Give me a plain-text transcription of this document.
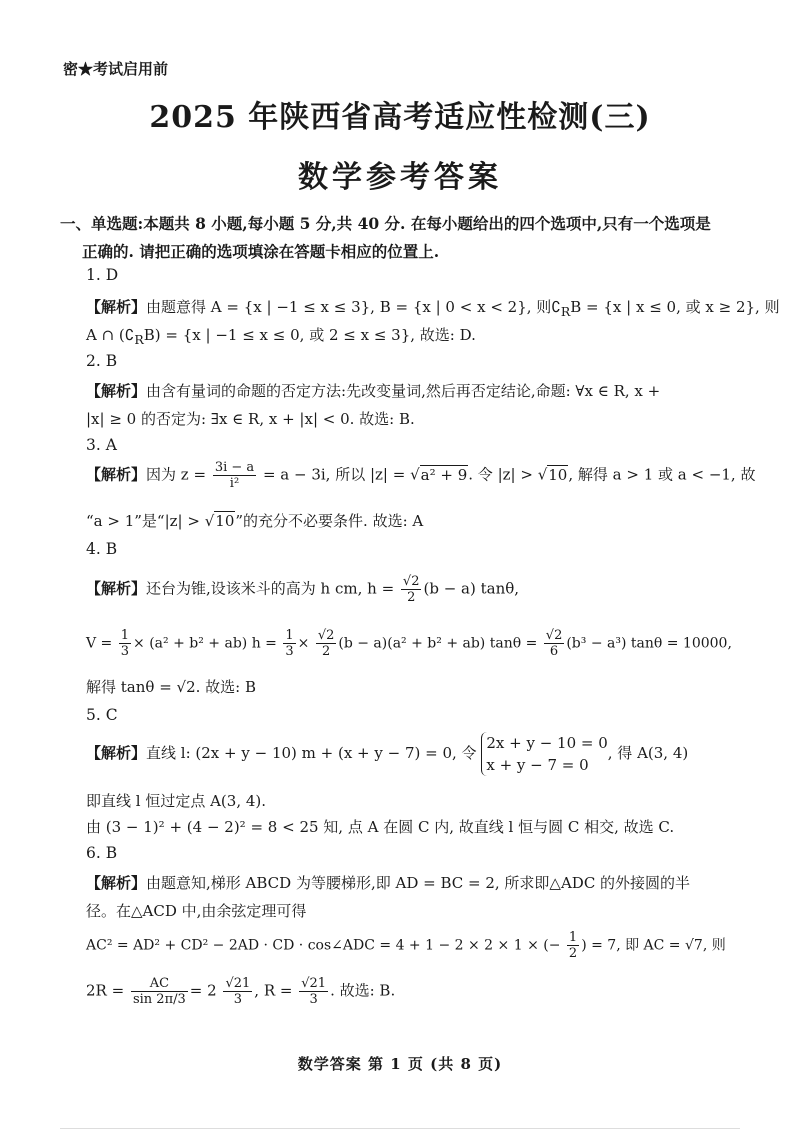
密★考试启用前
2025 年陕西省高考适应性检测(三)
数学参考答案
一、单选题:本题共 8 小题,每小题 5 分,共 40 分. 在每小题给出的四个选项中,只有一个选项是
正确的. 请把正确的选项填涂在答题卡相应的位置上.
1. D
【解析】由题意得 A = {x | −1 ≤ x ≤ 3}, B = {x | 0 < x < 2}, 则$∁_RB = \{x$ | x ≤ 0, 或 x ≥ 2}, 则
A ∩ $(∁_RB) = \{x$ | −1 ≤ x ≤ 0, 或 2 ≤ x ≤ 3}, 故选: D.
2. B
【解析】由含有量词的命题的否定方法:先改变量词,然后再否定结论,命题: ∀x ∈ R, x +
|x| ≥ 0 的否定为: ∃x ∈ R, x + |x| < 0. 故选: B.
3. A
【解析】因为 $z = \frac{3i - a}{\text{i²}} = a - 3i$, 所以 |z| = √a² + 9. 令 |z| > √10, 解得 a > 1 或 a < −1, 故
“a > 1”是“|z| > √10”的充分不必要条件. 故选: A
4. B
【解析】还台为锥,设该米斗的高为 h cm, $h = \frac{√2}{2} (b - a)$ tanθ,
$V = \frac{1}{3} \times (a^2 + b^2 + ab) h = \frac{1}{3} \times \frac{√2}{2} (b - a)(a^2 + b^2 + ab) \tan\theta = \frac{√2}{6} (b^3 - a^3) \tan\theta = 10000$,
解得 tanθ = √2. 故选: B
5. C
【解析】直线 l: (2x + y − 10) m + (x + y − 7) = 0, 令
2x + y − 10 = 0
x + y − 7 = 0
, 得 A(3, 4)
即直线 l 恒过定点 A(3, 4).
由 (3 − 1)² + (4 − 2)² = 8 < 25 知, 点 A 在圆 C 内, 故直线 l 恒与圆 C 相交, 故选 C.
6. B
【解析】由题意知,梯形 ABCD 为等腰梯形,即 AD = BC = 2, 所求即△ADC 的外接圆的半
径。在△ACD 中,由余弦定理可得
AC² = AD² + CD² − 2AD · CD · cos∠ADC = 4 + 1 − 2 × 2 × 1 × (− $\frac{1}{2}$ ) = 7, 即 AC = √7, 则
$2R = \frac{AC}{\sin 2\pi/3} = 2 \frac{√21}{3}$ , $R = \frac{√21}{3}$ . 故选: B.
数学答案 第 1 页 (共 8 页)
